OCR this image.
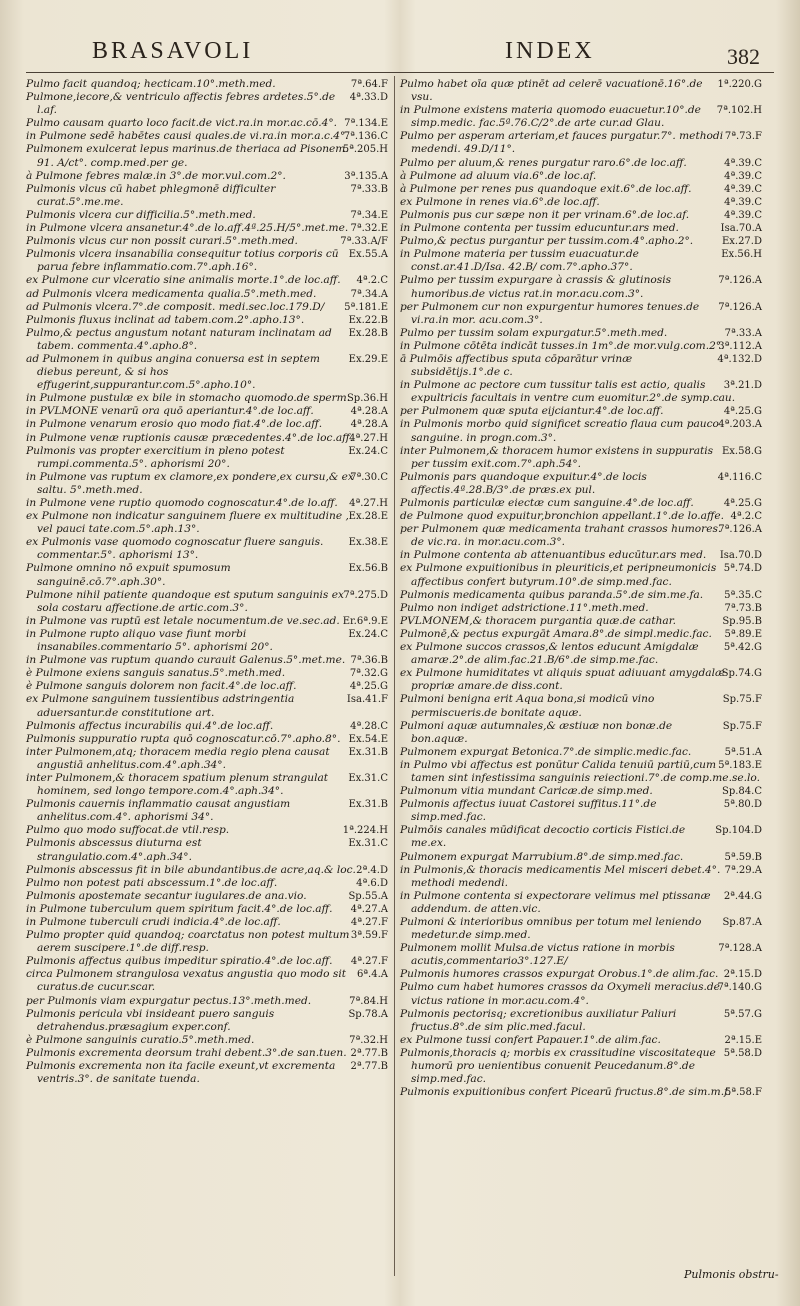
BRASAVOLI	INDEX	382

7ª.64.F
Pulmo facit quandoq; hecticam.10°.meth.med.

4ª.33.D
Pulmone,iecore,& ventriculo affectis febres ardetes.5°.de l.af.

7ª.134.E
Pulmo causam quarto loco facit.de vict.ra.in mor.ac.cō.4°.

7ª.136.C
in Pulmone sedē habētes causi quales.de vi.ra.in mor.a.c.4°.

5ª.205.H
Pulmonem exulcerat lepus marinus.de theriaca ad Pisonem. 91. A/ct°. comp.med.per ge.

3ª.135.A
à Pulmone febres malæ.in 3°.de mor.vul.com.2°.

7ª.33.B
Pulmonis vlcus cū habet phlegmonē difficulter curat.5°.me.me.

7ª.34.E
Pulmonis vlcera cur difficilia.5°.meth.med.

7ª.32.E
in Pulmone vlcera ansanetur.4°.de lo.aff.4ª.25.H/5°.met.me.

7ª.33.A/F
Pulmonis vlcus cur non possit curari.5°.meth.med.

Ex.55.A
Pulmonis vlcera insanabilia consequitur totius corporis cū parua febre inflammatio.com.7°.aph.16°.

4ª.2.C
ex Pulmone cur vlceratio sine animalis morte.1°.de loc.aff.

7ª.34.A
ad Pulmonis vlcera medicamenta qualia.5°.meth.med.

5ª.181.E
ad Pulmonis vlcera.7°.de composit. medi.sec.loc.179.D/

Ex.22.B
Pulmonis fluxus inclinat ad tabem.com.2°.apho.13°.

Ex.28.B
Pulmo,& pectus angustum notant naturam inclinatam ad tabem. commenta.4°.apho.8°.

Ex.29.E
ad Pulmonem in quibus angina conuersa est in septem diebus pereunt, & si hos effugerint,suppurantur.com.5°.apho.10°.

Sp.36.H
in Pulmone pustulæ ex bile in stomacho quomodo.de sperm.

4ª.28.A
in PVLMONE venarū ora quō aperiantur.4°.de loc.aff.

4ª.28.A
in Pulmone venarum erosio quo modo fiat.4°.de loc.aff.

4ª.27.H
in Pulmone venæ ruptionis causæ præcedentes.4°.de loc.aff.

Ex.24.C
Pulmonis vas propter exercitium in pleno potest rumpi.commenta.5°. aphorismi 20°.

7ª.30.C
in Pulmone vas ruptum ex clamore,ex pondere,ex cursu,& ex saltu. 5°.meth.med.

4ª.27.H
in Pulmone vene ruptio quomodo cognoscatur.4°.de lo.aff.

Ex.28.E
ex Pulmone non indicatur sanguinem fluere ex multitudine , vel pauci tate.com.5°.aph.13°.

Ex.38.E
ex Pulmonis vase quomodo cognoscatur fluere sanguis. commentar.5°. aphorismi 13°.

Ex.56.B
Pulmone omnino nō expuit spumosum sanguinē.cō.7°.aph.30°.

7ª.275.D
Pulmone nihil patiente quandoque est sputum sanguinis ex sola costaru affectione.de artic.com.3°.

Er.6ª.9.E
in Pulmone vas ruptū est letale nocumentum.de ve.sec.ad.

Ex.24.C
in Pulmone rupto aliquo vase fiunt morbi insanabiles.commentario 5°. aphorismi 20°.

7ª.36.B
in Pulmone vas ruptum quando curauit Galenus.5°.met.me.

7ª.32.G
è Pulmone exiens sanguis sanatus.5°.meth.med.

4ª.25.G
è Pulmone sanguis dolorem non facit.4°.de loc.aff.

Isa.41.F
ex Pulmone sanguinem tussientibus adstringentia aduersantur.de constitutione art.

4ª.28.C
Pulmonis affectus incurabilis qui.4°.de loc.aff.

Ex.54.E
Pulmonis suppuratio rupta quō cognoscatur.cō.7°.apho.8°.

Ex.31.B
inter Pulmonem,atq; thoracem media regio plena causat angustiā anhelitus.com.4°.aph.34°.

Ex.31.C
inter Pulmonem,& thoracem spatium plenum strangulat hominem, sed longo tempore.com.4°.aph.34°.

Ex.31.B
Pulmonis cauernis inflammatio causat angustiam anhelitus.com.4°. aphorismi 34°.

1ª.224.H
Pulmo quo modo suffocat.de vtil.resp.

Ex.31.C
Pulmonis abscessus diuturna est strangulatio.com.4°.aph.34°.

2ª.4.D
Pulmonis abscessus fit in bile abundantibus.de acre,aq.& loc.

4ª.6.D
Pulmo non potest pati abscessum.1°.de loc.aff.

Sp.55.A
Pulmonis apostemate secantur iugulares.de ana.vio.

4ª.27.A
in Pulmone tuberculum quem spiritum facit.4°.de loc.aff.

4ª.27.F
in Pulmone tuberculi crudi indicia.4°.de loc.aff.

3ª.59.F
Pulmo propter quid quandoq; coarctatus non potest multum aerem suscipere.1°.de diff.resp.

4ª.27.F
Pulmonis affectus quibus impeditur spiratio.4°.de loc.aff.

6ª.4.A
circa Pulmonem strangulosa vexatus angustia quo modo sit curatus.de cucur.scar.

7ª.84.H
per Pulmonis viam expurgatur pectus.13°.meth.med.

Sp.78.A
Pulmonis pericula vbi insideant puero sanguis detrahendus.præsagium exper.conf.

7ª.32.H
è Pulmone sanguinis curatio.5°.meth.med.

2ª.77.B
Pulmonis excrementa deorsum trahi debent.3°.de san.tuen.

2ª.77.B
Pulmonis excrementa non ita facile exeunt,vt excrementa ventris.3°. de sanitate tuenda.

1ª.220.G
Pulmo habet oīa quæ ptinēt ad celerē vacuationē.16°.de vsu.

7ª.102.H
in Pulmone existens materia quomodo euacuetur.10°.de simp.medic. fac.5ª.76.C/2°.de arte cur.ad Glau.

7ª.73.F
Pulmo per asperam arteriam,et fauces purgatur.7°. methodi medendi. 49.D/11°.

4ª.39.C
Pulmo per aluum,& renes purgatur raro.6°.de loc.aff.

4ª.39.C
à Pulmone ad aluum via.6°.de loc.af.

4ª.39.C
à Pulmone per renes pus quandoque exit.6°.de loc.aff.

4ª.39.C
ex Pulmone in renes via.6°.de loc.aff.

4ª.39.C
Pulmonis pus cur sæpe non it per vrinam.6°.de loc.af.

Isa.70.A
in Pulmone contenta per tussim educuntur.ars med.

Ex.27.D
Pulmo,& pectus purgantur per tussim.com.4°.apho.2°.

Ex.56.H
in Pulmone materia per tussim euacuatur.de const.ar.41.D/Isa. 42.B/ com.7°.apho.37°.

7ª.126.A
Pulmo per tussim expurgare à crassis & glutinosis humoribus.de victus rat.in mor.acu.com.3°.

7ª.126.A
per Pulmonem cur non expurgentur humores tenues.de vi.ra.in mor. acu.com.3°.

7ª.33.A
Pulmo per tussim solam expurgatur.5°.meth.med.

3ª.112.A
in Pulmone cōtēta indicāt tusses.in 1m°.de mor.vulg.com.2°.

4ª.132.D
ā Pulmōis affectibus sputa cōparātur vrinæ subsidētijs.1°.de c.

3ª.21.D
in Pulmone ac pectore cum tussitur talis est actio, qualis expultricis facultais in ventre cum euomitur.2°.de symp.cau.

4ª.25.G
per Pulmonem quæ sputa eijciantur.4°.de loc.aff.

4ª.203.A
in Pulmonis morbo quid significet screatio flaua cum pauco sanguine. in progn.com.3°.

Ex.58.G
inter Pulmonem,& thoracem humor existens in suppuratis per tussim exit.com.7°.aph.54°.

4ª.116.C
Pulmonis pars quandoque expuitur.4°.de locis affectis.4ª.28.B/3°.de præs.ex pul.

4ª.25.G
Pulmonis particulæ eiectæ cum sanguine.4°.de loc.aff.

4ª.2.C
de Pulmone quod expuitur,bronchion appellant.1°.de lo.affe.

7ª.126.A
per Pulmonem quæ medicamenta trahant crassos humores. de vic.ra. in mor.acu.com.3°.

Isa.70.D
in Pulmone contenta ab attenuantibus educūtur.ars med.

5ª.74.D
ex Pulmone expuitionibus in pleuriticis,et peripneumonicis affectibus confert butyrum.10°.de simp.med.fac.

5ª.35.C
Pulmonis medicamenta quibus paranda.5°.de sim.me.fa.

7ª.73.B
Pulmo non indiget adstrictione.11°.meth.med.

Sp.95.B
PVLMONEM,& thoracem purgantia quæ.de cathar.

5ª.89.E
Pulmonē,& pectus expurgāt Amara.8°.de simpl.medic.fac.

5ª.42.G
ex Pulmone succos crassos,& lentos educunt Amigdalæ amaræ.2°.de alim.fac.21.B/6°.de simp.me.fac.

Sp.74.G
ex Pulmone humiditates vt aliquis spuat adiuuant amygdalæ propriæ amare.de diss.cont.

Sp.75.F
Pulmoni benigna erit Aqua bona,si modicū vino permiscueris.de bonitate aquæ.

Sp.75.F
Pulmoni aquæ autumnales,& æstiuæ non bonæ.de bon.aquæ.

5ª.51.A
Pulmonem expurgat Betonica.7°.de simplic.medic.fac.

5ª.183.E
in Pulmo vbi affectus est ponūtur Calida tenuiū partiū,cum tamen sint infestissima sanguinis reiectioni.7°.de comp.me.se.lo.

Sp.84.C
Pulmonum vitia mundant Caricæ.de simp.med.

5ª.80.D
Pulmonis affectus iuuat Castorei suffitus.11°.de simp.med.fac.

Sp.104.D
Pulmōis canales mūdificat decoctio corticis Fistici.de me.ex.

5ª.59.B
Pulmonem expurgat Marrubium.8°.de simp.med.fac.

7ª.29.A
in Pulmonis,& thoracis medicamentis Mel misceri debet.4°. methodi medendi.

2ª.44.G
in Pulmone contenta si expectorare velimus mel ptissanæ addendum. de atten.vic.

Sp.87.A
Pulmoni & interioribus omnibus per totum mel leniendo medetur.de simp.med.

7ª.128.A
Pulmonem mollit Mulsa.de victus ratione in morbis acutis,commentario3°.127.E/

2ª.15.D
Pulmonis humores crassos expurgat Orobus.1°.de alim.fac.

7ª.140.G
Pulmo cum habet humores crassos da Oxymeli meracius.de victus ratione in mor.acu.com.4°.

5ª.57.G
Pulmonis pectorisq; excretionibus auxiliatur Paliuri fructus.8°.de sim plic.med.facul.

2ª.15.E
ex Pulmone tussi confert Papauer.1°.de alim.fac.

5ª.58.D
Pulmonis,thoracis q; morbis ex crassitudine viscositateque humorū pro uenientibus conuenit Peucedanum.8°.de simp.med.fac.

5ª.58.F
Pulmonis expuitionibus confert Picearū fructus.8°.de sim.m.f.

Pulmonis obstru-
